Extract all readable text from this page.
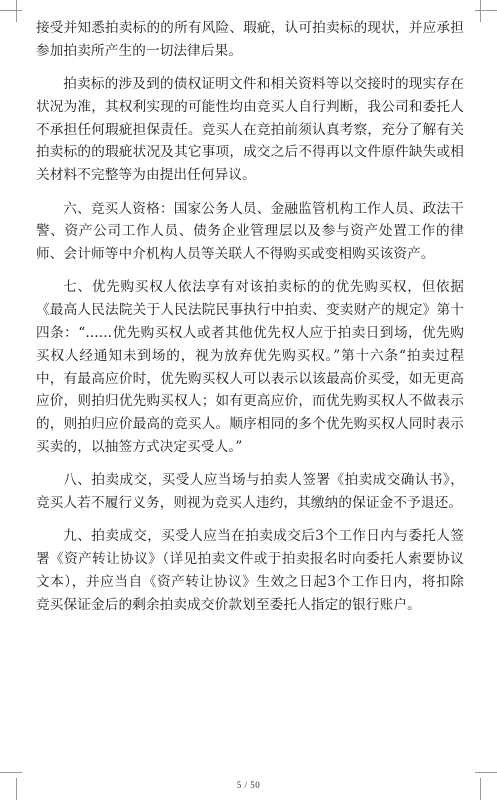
接受并知悉拍卖标的的所有风险、瑕疵，认可拍卖标的现状，并应承担参加拍卖所产生的一切法律后果。

拍卖标的涉及到的债权证明文件和相关资料等以交接时的现实存在状况为准，其权利实现的可能性均由竞买人自行判断，我公司和委托人不承担任何瑕疵担保责任。竞买人在竞拍前须认真考察，充分了解有关拍卖标的的瑕疵状况及其它事项，成交之后不得再以文件原件缺失或相关材料不完整等为由提出任何异议。

六、竞买人资格：国家公务人员、金融监管机构工作人员、政法干警、资产公司工作人员、债务企业管理层以及参与资产处置工作的律师、会计师等中介机构人员等关联人不得购买或变相购买该资产。

七、优先购买权人依法享有对该拍卖标的的优先购买权，但依据《最高人民法院关于人民法院民事执行中拍卖、变卖财产的规定》第十四条：“......优先购买权人或者其他优先权人应于拍卖日到场，优先购买权人经通知未到场的，视为放弃优先购买权。”第十六条“拍卖过程中，有最高应价时，优先购买权人可以表示以该最高价买受，如无更高应价，则拍归优先购买权人；如有更高应价，而优先购买权人不做表示的，则拍归应价最高的竞买人。顺序相同的多个优先购买权人同时表示买卖的，以抽签方式决定买受人。”

八、拍卖成交，买受人应当场与拍卖人签署《拍卖成交确认书》，竞买人若不履行义务，则视为竞买人违约，其缴纳的保证金不予退还。

九、拍卖成交，买受人应当在拍卖成交后3个工作日内与委托人签署《资产转让协议》（详见拍卖文件或于拍卖报名时向委托人索要协议文本），并应当自《资产转让协议》生效之日起3个工作日内，将扣除竞买保证金后的剩余拍卖成交价款划至委托人指定的银行账户。

5 / 50
